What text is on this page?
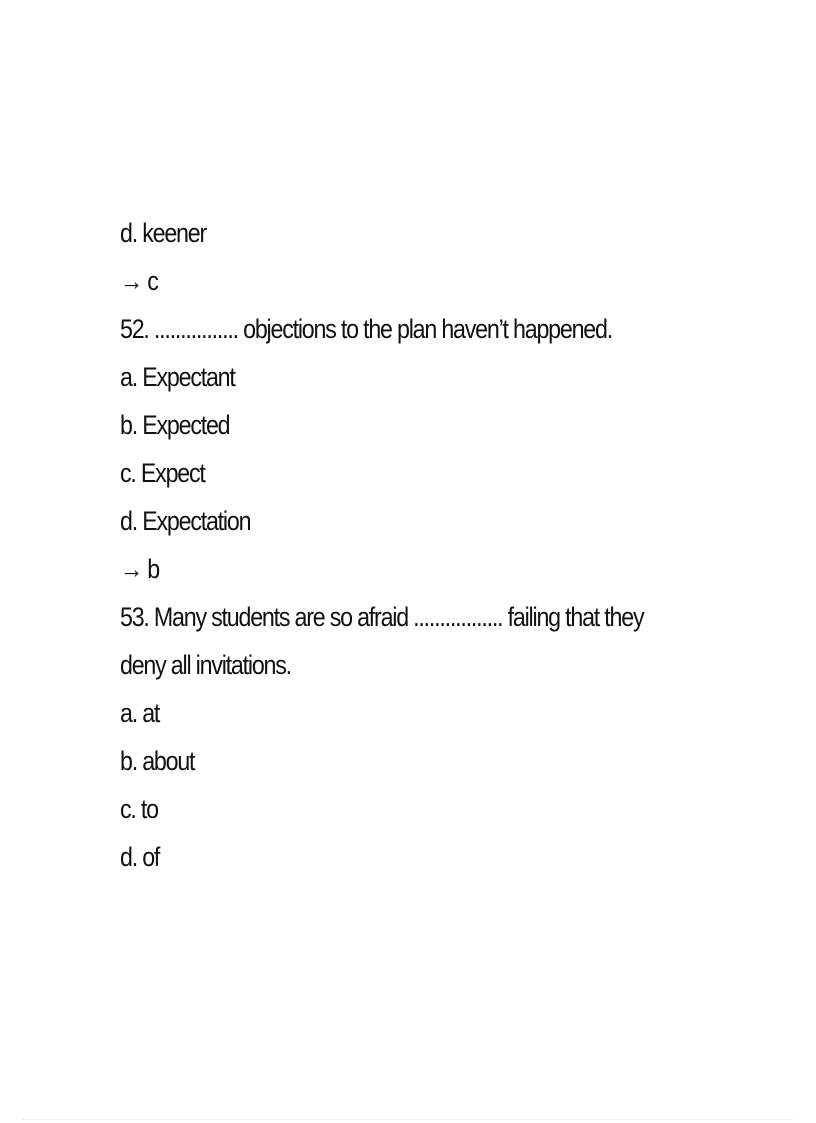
d. keener
→ c
52. ................ objections to the plan haven’t happened.
a. Expectant
b. Expected
c. Expect
d. Expectation
→ b
53. Many students are so afraid ................. failing that they deny all invitations.
a. at
b. about
c. to
d. of
